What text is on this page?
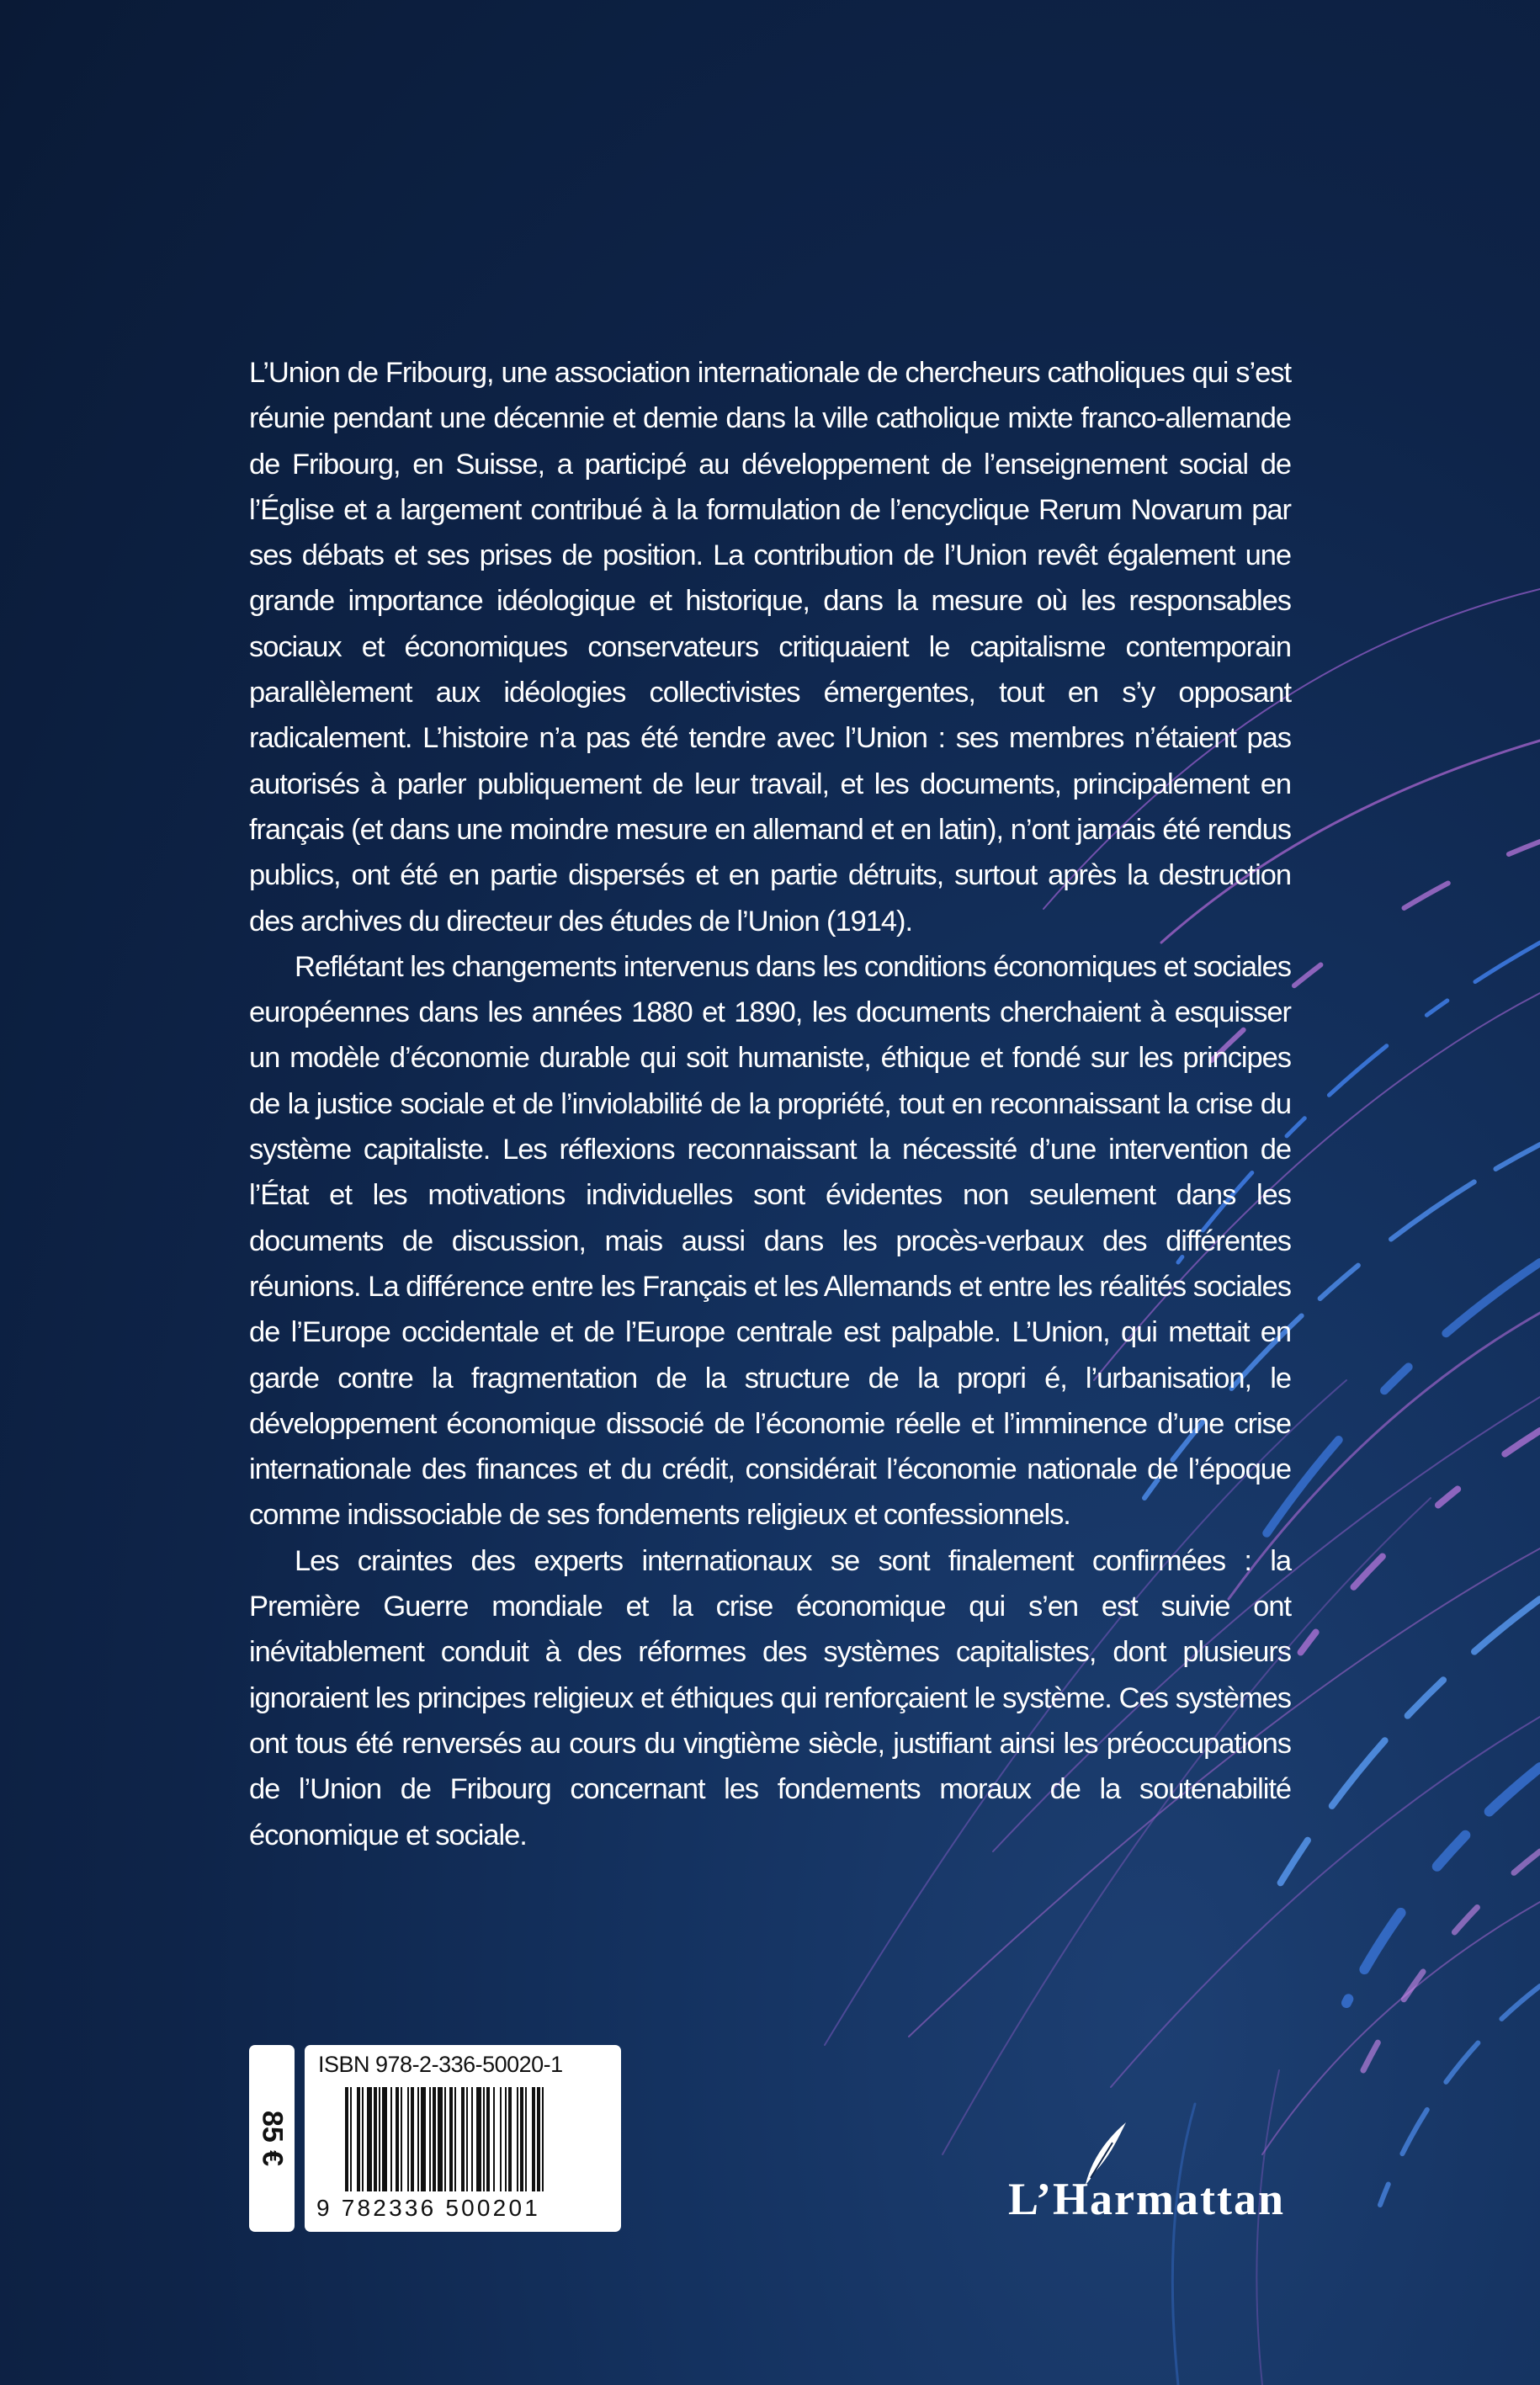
L’Union de Fribourg, une association internationale de chercheurs catholiques qui s’est réunie pendant une décennie et demie dans la ville catholique mixte franco-allemande de Fribourg, en Suisse, a participé au développement de l’enseignement social de l’Église et a largement contribué à la formulation de l’encyclique Rerum Novarum par ses débats et ses prises de position. La contribution de l’Union revêt également une grande importance idéologique et historique, dans la mesure où les responsables sociaux et économiques conservateurs critiquaient le capitalisme contemporain parallèlement aux idéologies collectivistes émergentes, tout en s’y opposant radicalement. L’histoire n’a pas été tendre avec l’Union : ses membres n’étaient pas autorisés à parler publiquement de leur travail, et les documents, principalement en français (et dans une moindre mesure en allemand et en latin), n’ont jamais été rendus publics, ont été en partie dispersés et en partie détruits, surtout après la destruction des archives du directeur des études de l’Union (1914).

Reflétant les changements intervenus dans les conditions économiques et sociales européennes dans les années 1880 et 1890, les documents cherchaient à esquisser un modèle d’économie durable qui soit humaniste, éthique et fondé sur les principes de la justice sociale et de l’inviolabilité de la propriété, tout en reconnaissant la crise du système capitaliste. Les réflexions reconnaissant la nécessité d’une intervention de l’État et les motivations individuelles sont évidentes non seulement dans les documents de discussion, mais aussi dans les procès-verbaux des différentes réunions. La différence entre les Français et les Allemands et entre les réalités sociales de l’Europe occidentale et de l’Europe centrale est palpable. L’Union, qui mettait en garde contre la fragmentation de la structure de la propri é, l’urbanisation, le développement économique dissocié de l’économie réelle et l’imminence d’une crise internationale des finances et du crédit, considérait l’économie nationale de l’époque comme indissociable de ses fondements religieux et confessionnels.

Les craintes des experts internationaux se sont finalement confirmées : la Première Guerre mondiale et la crise économique qui s’en est suivie ont inévitablement conduit à des réformes des systèmes capitalistes, dont plusieurs ignoraient les principes religieux et éthiques qui renforçaient le système. Ces systèmes ont tous été renversés au cours du vingtième siècle, justifiant ainsi les préoccupations de l’Union de Fribourg concernant les fondements moraux de la soutenabilité économique et sociale.

85 €
ISBN 978-2-336-50020-1
9 782336 500201	L’Harmattan
